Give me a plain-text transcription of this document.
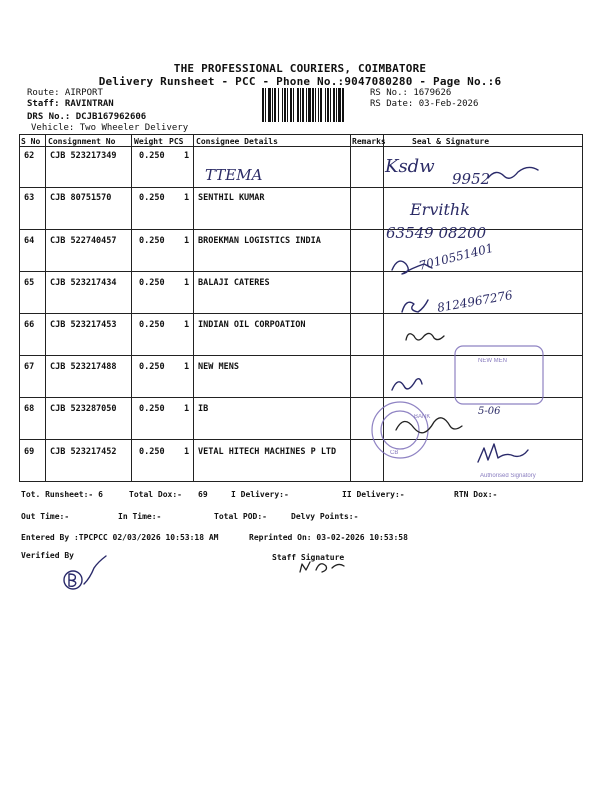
THE PROFESSIONAL COURIERS, COIMBATORE
Delivery Runsheet - PCC - Phone No.:9047080280 - Page No.:6
Route: AIRPORT
Staff: RAVINTRAN
DRS No.: DCJB167962606
Vehicle: Two Wheeler Delivery
RS No.: 1679626
RS Date: 03-Feb-2026
S No Consignment No Weight PCS Consignee Details	Remarks	Seal & Signature
62 CJB 523217349	0.250 1
63 CJB 80751570	0.250 1 SENTHIL KUMAR
64 CJB 522740457	0.250 1 BROEKMAN LOGISTICS INDIA
65 CJB 523217434	0.250 1 BALAJI CATERES
66 CJB 523217453	0.250 1 INDIAN OIL CORPOATION
67 CJB 523217488	0.250 1 NEW MENS
68 CJB 523287050	0.250 1 IB
69 CJB 523217452	0.250 1 VETAL HITECH MACHINES P LTD
TTEMA	Ksdw
9952
Ervithk
63549 08200
7010551401
8124967276
NEW MEN
BANK
CB
5-06
Authorised Signatory
Tot. Runsheet:- 6	Total Dox:- 69	I Delivery:-	II Delivery:-	RTN Dox:-
Out Time:-	In Time:-	Total POD:-	Delvy Points:-
Entered By :TPCPCC 02/03/2026 10:53:18 AM	Reprinted On: 03-02-2026 10:53:58
Verified By	Staff Signature
